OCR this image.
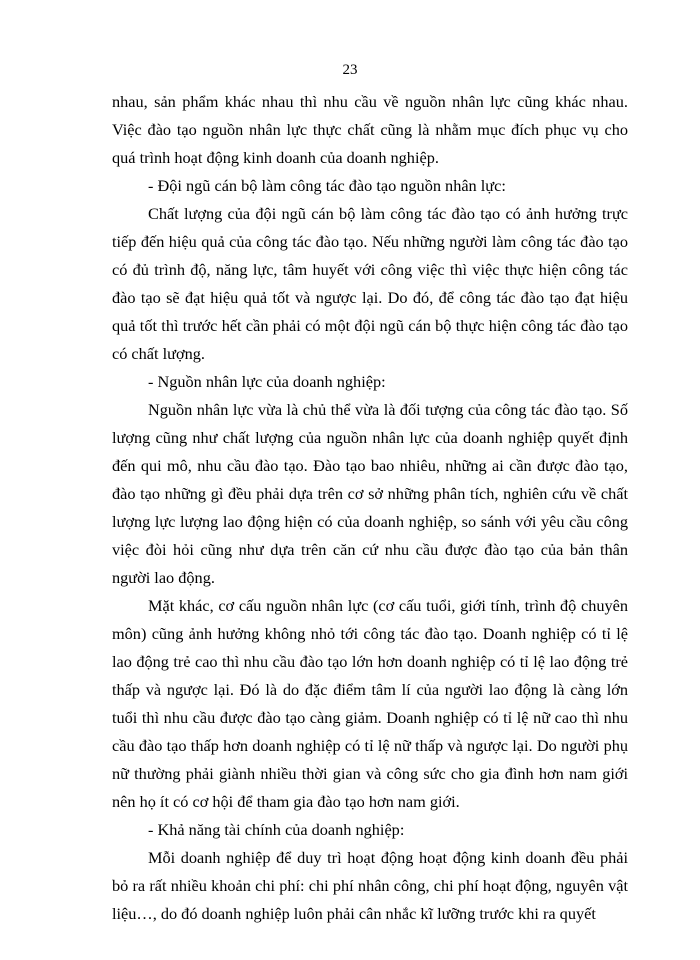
23

nhau, sản phẩm khác nhau thì nhu cầu về nguồn nhân lực cũng khác nhau. Việc đào tạo nguồn nhân lực thực chất cũng là nhằm mục đích phục vụ cho quá trình hoạt động kinh doanh của doanh nghiệp.

- Đội ngũ cán bộ làm công tác đào tạo nguồn nhân lực:

Chất lượng của đội ngũ cán bộ làm công tác đào tạo có ảnh hưởng trực tiếp đến hiệu quả của công tác đào tạo. Nếu những người làm công tác đào tạo có đủ trình độ, năng lực, tâm huyết với công việc thì việc thực hiện công tác đào tạo sẽ đạt hiệu quả tốt và ngược lại. Do đó, để công tác đào tạo đạt hiệu quả tốt thì trước hết cần phải có một đội ngũ cán bộ thực hiện công tác đào tạo có chất lượng.

- Nguồn nhân lực của doanh nghiệp:

Nguồn nhân lực vừa là chủ thể vừa là đối tượng của công tác đào tạo. Số lượng cũng như chất lượng của nguồn nhân lực của doanh nghiệp quyết định đến qui mô, nhu cầu đào tạo. Đào tạo bao nhiêu, những ai cần được đào tạo, đào tạo những gì đều phải dựa trên cơ sở những phân tích, nghiên cứu về chất lượng lực lượng lao động hiện có của doanh nghiệp, so sánh với yêu cầu công việc đòi hỏi cũng như dựa trên căn cứ nhu cầu được đào tạo của bản thân người lao động.

Mặt khác, cơ cấu nguồn nhân lực (cơ cấu tuổi, giới tính, trình độ chuyên môn) cũng ảnh hưởng không nhỏ tới công tác đào tạo. Doanh nghiệp có tỉ lệ lao động trẻ cao thì nhu cầu đào tạo lớn hơn doanh nghiệp có tỉ lệ lao động trẻ thấp và ngược lại. Đó là do đặc điểm tâm lí của người lao động là càng lớn tuổi thì nhu cầu được đào tạo càng giảm. Doanh nghiệp có tỉ lệ nữ cao thì nhu cầu đào tạo thấp hơn doanh nghiệp có tỉ lệ nữ thấp và ngược lại. Do người phụ nữ thường phải giành nhiều thời gian và công sức cho gia đình hơn nam giới nên họ ít có cơ hội để tham gia đào tạo hơn nam giới.

- Khả năng tài chính của doanh nghiệp:

Mỗi doanh nghiệp để duy trì hoạt động hoạt động kinh doanh đều phải bỏ ra rất nhiều khoản chi phí: chi phí nhân công, chi phí hoạt động, nguyên vật liệu…, do đó doanh nghiệp luôn phải cân nhắc kĩ lưỡng trước khi ra quyết
